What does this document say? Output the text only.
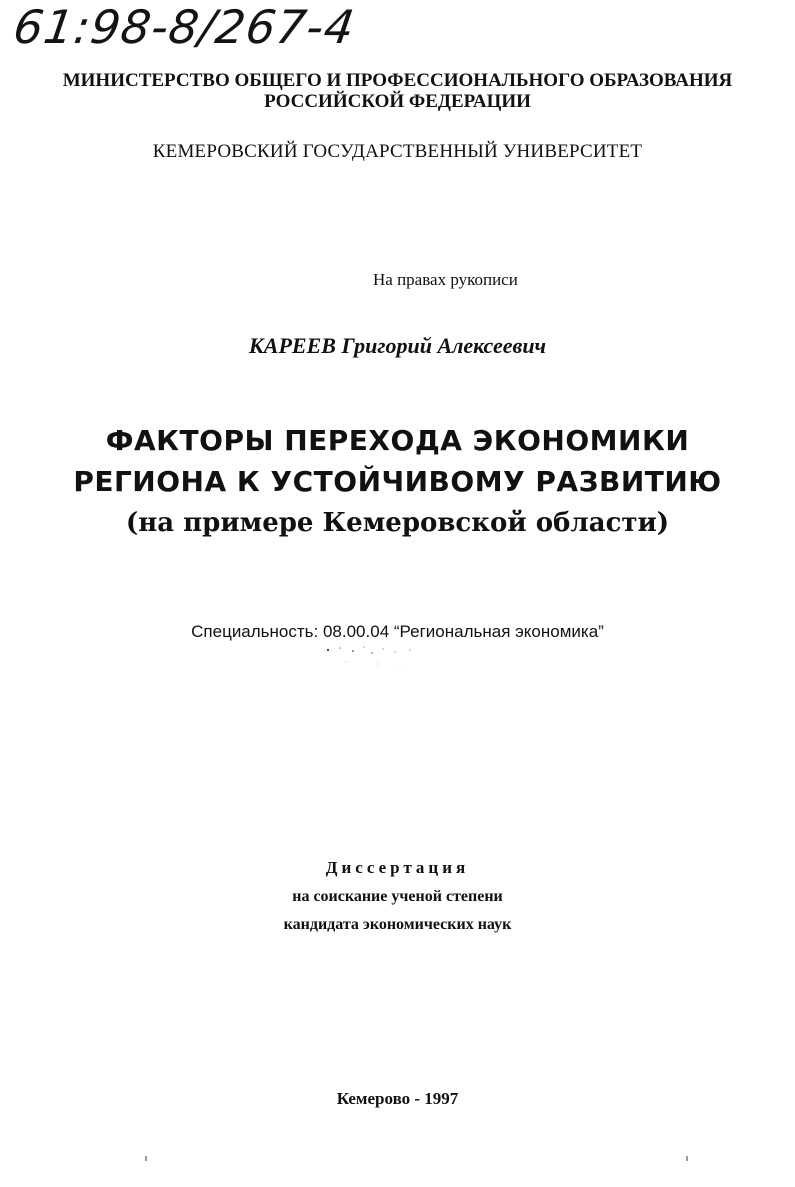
61:98-8/267-4
МИНИСТЕРСТВО ОБЩЕГО И ПРОФЕССИОНАЛЬНОГО ОБРАЗОВАНИЯ
РОССИЙСКОЙ ФЕДЕРАЦИИ
КЕМЕРОВСКИЙ ГОСУДАРСТВЕННЫЙ УНИВЕРСИТЕТ
На правах рукописи
КАРЕЕВ Григорий Алексеевич
ФАКТОРЫ ПЕРЕХОДА ЭКОНОМИКИ
РЕГИОНА К УСТОЙЧИВОМУ РАЗВИТИЮ
(на примере Кемеровской области)
Специальность: 08.00.04 “Региональная экономика”
Диссертация
на соискание ученой степени
кандидата экономических наук
Кемерово - 1997
